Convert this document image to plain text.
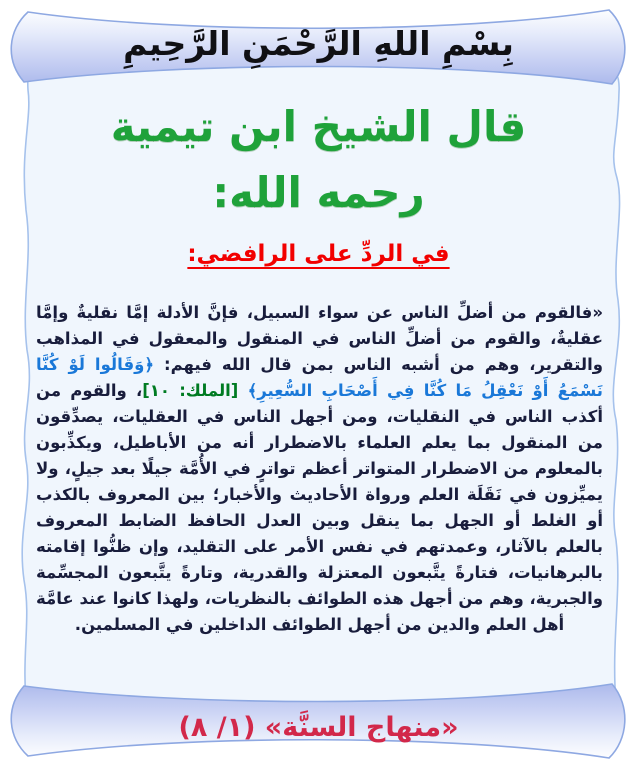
بِسْمِ اللهِ الرَّحْمَنِ الرَّحِيمِ
قال الشيخ ابن تيمية
رحمه الله:
في الردِّ على الرافضي:

«فالقوم من أضلِّ الناس عن سواء السبيل، فإنَّ الأدلة إمَّا نقليةٌ وإمَّا عقليةٌ، والقوم من أضلِّ الناس في المنقول والمعقول في المذاهب والتقرير، وهم من أشبه الناس بمن قال الله فيهم: ﴿وَقَالُوا لَوْ كُنَّا نَسْمَعُ أَوْ نَعْقِلُ مَا كُنَّا فِي أَصْحَابِ السُّعِيرِ﴾ [الملك: ١٠]، والقوم من أكذب الناس في النقليات، ومن أجهل الناس في العقليات، يصدِّقون من المنقول بما يعلم العلماء بالاضطرار أنه من الأباطيل، ويكذِّبون بالمعلوم من الاضطرار المتواتر أعظم تواترٍ في الأُمَّة جيلًا بعد جيلٍ، ولا يميِّزون في نَقَلَة العلم ورواة الأحاديث والأخبار؛ بين المعروف بالكذب أو الغلط أو الجهل بما ينقل وبين العدل الحافظ الضابط المعروف بالعلم بالآثار، وعمدتهم في نفس الأمر على التقليد، وإن ظنُّوا إقامته بالبرهانيات، فتارةً يتَّبعون المعتزلة والقدرية، وتارةً يتَّبعون المجسِّمة والجبرية، وهم من أجهل هذه الطوائف بالنظريات، ولهذا كانوا عند عامَّة أهل العلم والدين من أجهل الطوائف الداخلين في المسلمين.

«منهاج السنَّة» (١/ ٨)
